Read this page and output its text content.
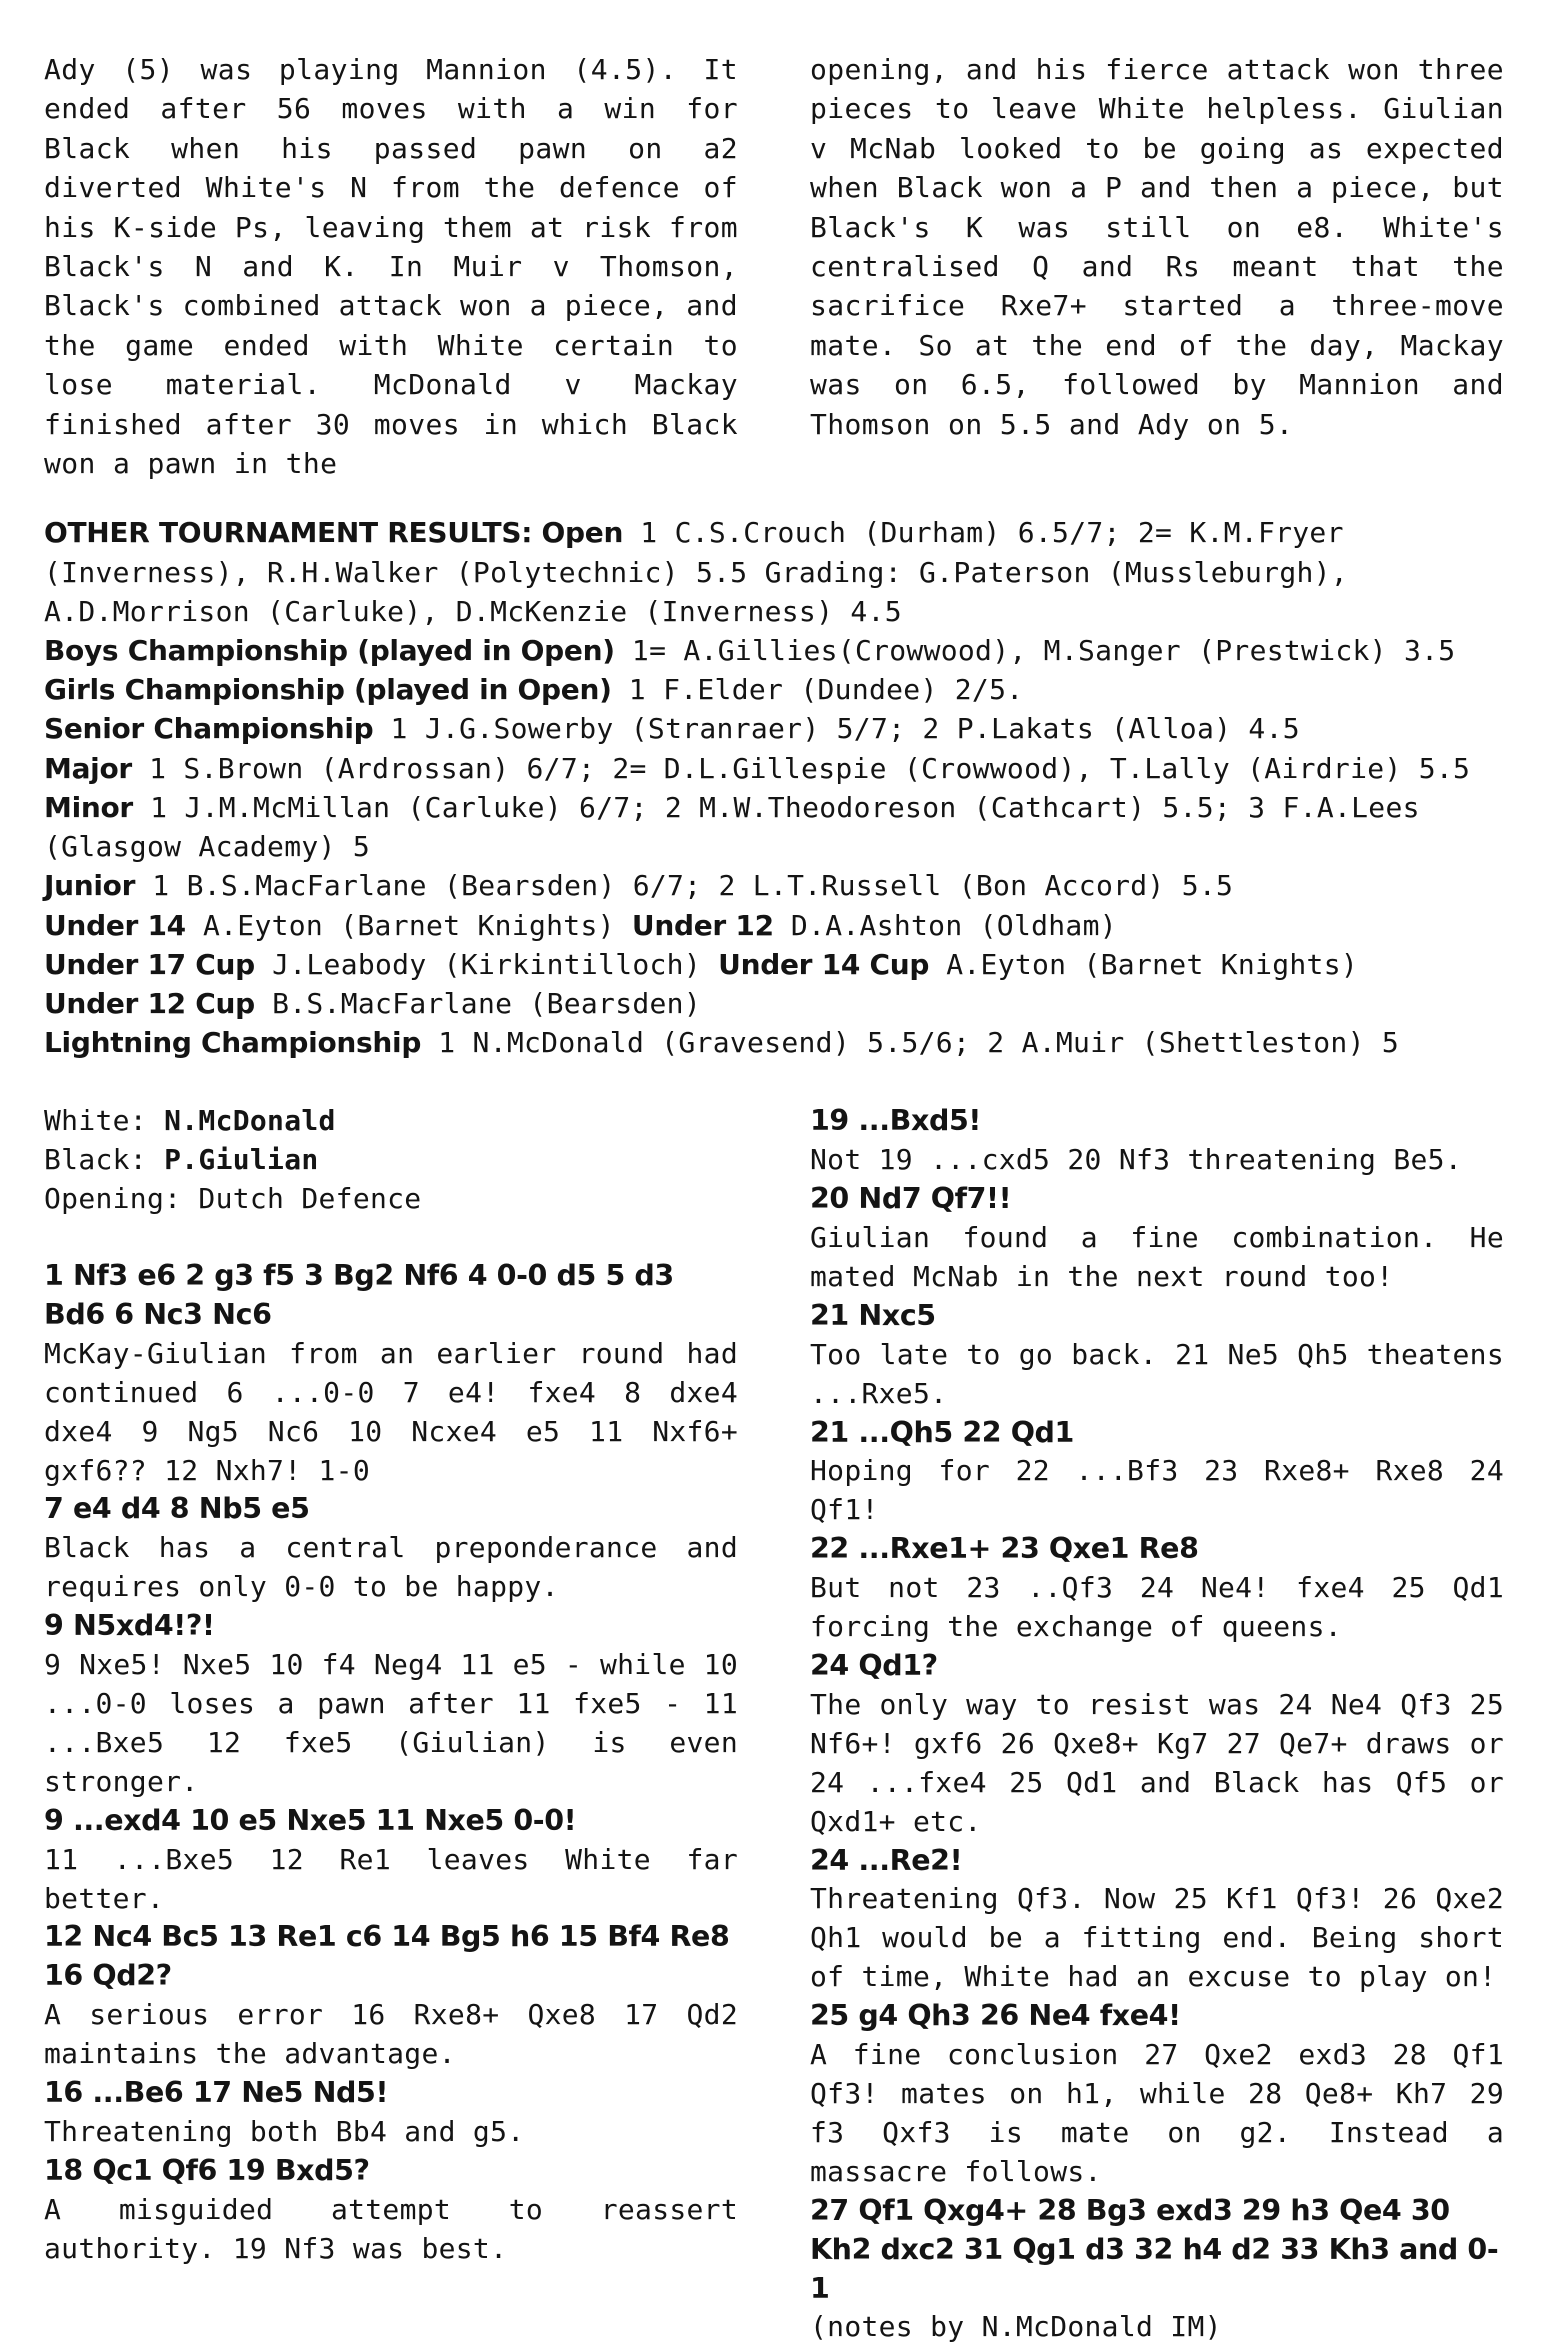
Ady (5) was playing Mannion (4.5). It ended after 56 moves with a win for Black when his passed pawn on a2 diverted White's N from the defence of his K-side Ps, leaving them at risk from Black's N and K. In Muir v Thomson, Black's combined attack won a piece, and the game ended with White certain to lose material. McDonald v Mackay finished after 30 moves in which Black won a pawn in the

opening, and his fierce attack won three pieces to leave White helpless. Giulian v McNab looked to be going as expected when Black won a P and then a piece, but Black's K was still on e8. White's centralised Q and Rs meant that the sacrifice Rxe7+ started a three-move mate. So at the end of the day, Mackay was on 6.5, followed by Mannion and Thomson on 5.5 and Ady on 5.

OTHER TOURNAMENT RESULTS: Open 1 C.S.Crouch (Durham) 6.5/7; 2= K.M.Fryer (Inverness), R.H.Walker (Polytechnic) 5.5 Grading: G.Paterson (Mussleburgh), A.D.Morrison (Carluke), D.McKenzie (Inverness) 4.5

Boys Championship (played in Open) 1= A.Gillies(Crowwood), M.Sanger (Prestwick) 3.5

Girls Championship (played in Open) 1 F.Elder (Dundee) 2/5.

Senior Championship 1 J.G.Sowerby (Stranraer) 5/7; 2 P.Lakats (Alloa) 4.5

Major 1 S.Brown (Ardrossan) 6/7; 2= D.L.Gillespie (Crowwood), T.Lally (Airdrie) 5.5

Minor 1 J.M.McMillan (Carluke) 6/7; 2 M.W.Theodoreson (Cathcart) 5.5; 3 F.A.Lees (Glasgow Academy) 5

Junior 1 B.S.MacFarlane (Bearsden) 6/7; 2 L.T.Russell (Bon Accord) 5.5

Under 14 A.Eyton (Barnet Knights) Under 12 D.A.Ashton (Oldham)

Under 17 Cup J.Leabody (Kirkintilloch) Under 14 Cup A.Eyton (Barnet Knights)

Under 12 Cup B.S.MacFarlane (Bearsden)

Lightning Championship 1 N.McDonald (Gravesend) 5.5/6; 2 A.Muir (Shettleston) 5

White: N.McDonald

Black: P.Giulian

Opening: Dutch Defence

1 Nf3 e6 2 g3 f5 3 Bg2 Nf6 4 0-0 d5 5 d3 Bd6 6 Nc3 Nc6

McKay-Giulian from an earlier round had continued 6 ...0-0 7 e4! fxe4 8 dxe4 dxe4 9 Ng5 Nc6 10 Ncxe4 e5 11 Nxf6+ gxf6?? 12 Nxh7! 1-0

7 e4 d4 8 Nb5 e5

Black has a central preponderance and requires only 0-0 to be happy.

9 N5xd4!?!

9 Nxe5! Nxe5 10 f4 Neg4 11 e5 - while 10 ...0-0 loses a pawn after 11 fxe5 - 11 ...Bxe5 12 fxe5 (Giulian) is even stronger.

9 ...exd4 10 e5 Nxe5 11 Nxe5 0-0!

11 ...Bxe5 12 Re1 leaves White far better.

12 Nc4 Bc5 13 Re1 c6 14 Bg5 h6 15 Bf4 Re8 16 Qd2?

A serious error 16 Rxe8+ Qxe8 17 Qd2 maintains the advantage.

16 ...Be6 17 Ne5 Nd5!

Threatening both Bb4 and g5.

18 Qc1 Qf6 19 Bxd5?

A misguided attempt to reassert authority. 19 Nf3 was best.

19 ...Bxd5!

Not 19 ...cxd5 20 Nf3 threatening Be5.

20 Nd7 Qf7!!

Giulian found a fine combination. He mated McNab in the next round too!

21 Nxc5

Too late to go back. 21 Ne5 Qh5 theatens ...Rxe5.

21 ...Qh5 22 Qd1

Hoping for 22 ...Bf3 23 Rxe8+ Rxe8 24 Qf1!

22 ...Rxe1+ 23 Qxe1 Re8

But not 23 ..Qf3 24 Ne4! fxe4 25 Qd1 forcing the exchange of queens.

24 Qd1?

The only way to resist was 24 Ne4 Qf3 25 Nf6+! gxf6 26 Qxe8+ Kg7 27 Qe7+ draws or 24 ...fxe4 25 Qd1 and Black has Qf5 or Qxd1+ etc.

24 ...Re2!

Threatening Qf3. Now 25 Kf1 Qf3! 26 Qxe2 Qh1 would be a fitting end. Being short of time, White had an excuse to play on!

25 g4 Qh3 26 Ne4 fxe4!

A fine conclusion 27 Qxe2 exd3 28 Qf1 Qf3! mates on h1, while 28 Qe8+ Kh7 29 f3 Qxf3 is mate on g2. Instead a massacre follows.

27 Qf1 Qxg4+ 28 Bg3 exd3 29 h3 Qe4 30 Kh2 dxc2 31 Qg1 d3 32 h4 d2 33 Kh3 and 0-1

(notes by N.McDonald IM)
